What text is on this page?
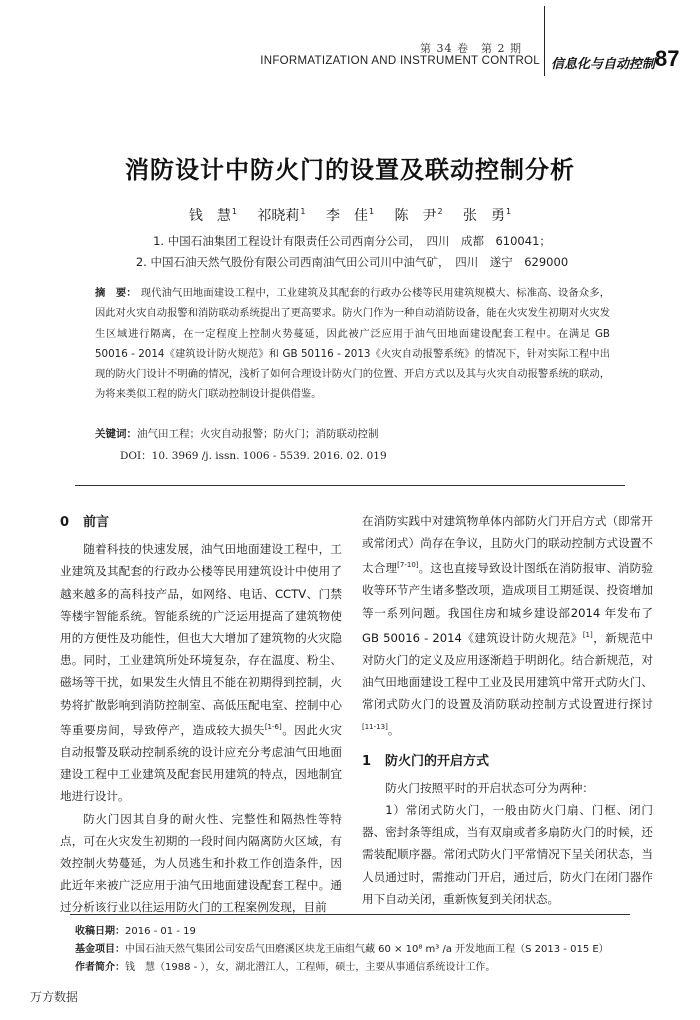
第 34 卷　第 2 期
INFORMATIZATION AND INSTRUMENT CONTROL 信息化与自动控制 87
消防设计中防火门的设置及联动控制分析
钱　慧$^1$ 祁晓莉$^1$ 李　佳$^1$ 陈　尹$^2$ 张　勇$^1$
1. 中国石油集团工程设计有限责任公司西南分公司，　四川　成都　610041；
2. 中国石油天然气股份有限公司西南油气田公司川中油气矿，　四川　遂宁　629000
摘　要： 现代油气田地面建设工程中，工业建筑及其配套的行政办公楼等民用建筑规模大、标准高、设备众多，因此对火灾自动报警和消防联动系统提出了更高要求。防火门作为一种自动消防设备，能在火灾发生初期对火灾发生区域进行隔离，在一定程度上控制火势蔓延，因此被广泛应用于油气田地面建设配套工程中。在满足 GB 50016 - 2014《建筑设计防火规范》和 GB 50116 - 2013《火灾自动报警系统》的情况下，针对实际工程中出现的防火门设计不明确的情况，浅析了如何合理设计防火门的位置、开启方式以及其与火灾自动报警系统的联动，为将来类似工程的防火门联动控制设计提供借鉴。
关键词：油气田工程；火灾自动报警；防火门；消防联动控制
DOI：10. 3969 /j. issn. 1006 - 5539. 2016. 02. 019

0 前言

随着科技的快速发展，油气田地面建设工程中，工业建筑及其配套的行政办公楼等民用建筑设计中使用了越来越多的高科技产品，如网络、电话、CCTV、门禁等楼宇智能系统。智能系统的广泛运用提高了建筑物使用的方便性及功能性，但也大大增加了建筑物的火灾隐患。同时，工业建筑所处环境复杂，存在温度、粉尘、磁场等干扰，如果发生火情且不能在初期得到控制，火势将扩散影响到消防控制室、高低压配电室、控制中心等重要房间，导致停产，造成较大损失[1-6]。因此火灾自动报警及联动控制系统的设计应充分考虑油气田地面建设工程中工业建筑及配套民用建筑的特点，因地制宜地进行设计。

防火门因其自身的耐火性、完整性和隔热性等特点，可在火灾发生初期的一段时间内隔离防火区域，有效控制火势蔓延，为人员逃生和扑救工作创造条件，因此近年来被广泛应用于油气田地面建设配套工程中。通过分析该行业以往运用防火门的工程案例发现，目前

在消防实践中对建筑物单体内部防火门开启方式（即常开或常闭式）尚存在争议，且防火门的联动控制方式设置不太合理[7-10]。这也直接导致设计图纸在消防报审、消防验收等环节产生诸多整改项，造成项目工期延误、投资增加等一系列问题。我国住房和城乡建设部2014 年发布了 GB 50016 - 2014《建筑设计防火规范》[1]，新规范中对防火门的定义及应用逐渐趋于明朗化。结合新规范，对油气田地面建设工程中工业及民用建筑中常开式防火门、常闭式防火门的设置及消防联动控制方式设置进行探讨[11-13]。

1 防火门的开启方式

防火门按照平时的开启状态可分为两种：

1）常闭式防火门，一般由防火门扇、门框、闭门器、密封条等组成，当有双扇或者多扇防火门的时候，还需装配顺序器。常闭式防火门平常情况下呈关闭状态，当人员通过时，需推动门开启，通过后，防火门在闭门器作用下自动关闭，重新恢复到关闭状态。

收稿日期：2016 - 01 - 19
基金项目：中国石油天然气集团公司安岳气田磨溪区块龙王庙组气藏 60 × 10⁸ m³ /a 开发地面工程（S 2013 - 015 E）
作者简介：钱　慧（1988 - ），女，湖北潜江人，工程师，硕士，主要从事通信系统设计工作。
万方数据
